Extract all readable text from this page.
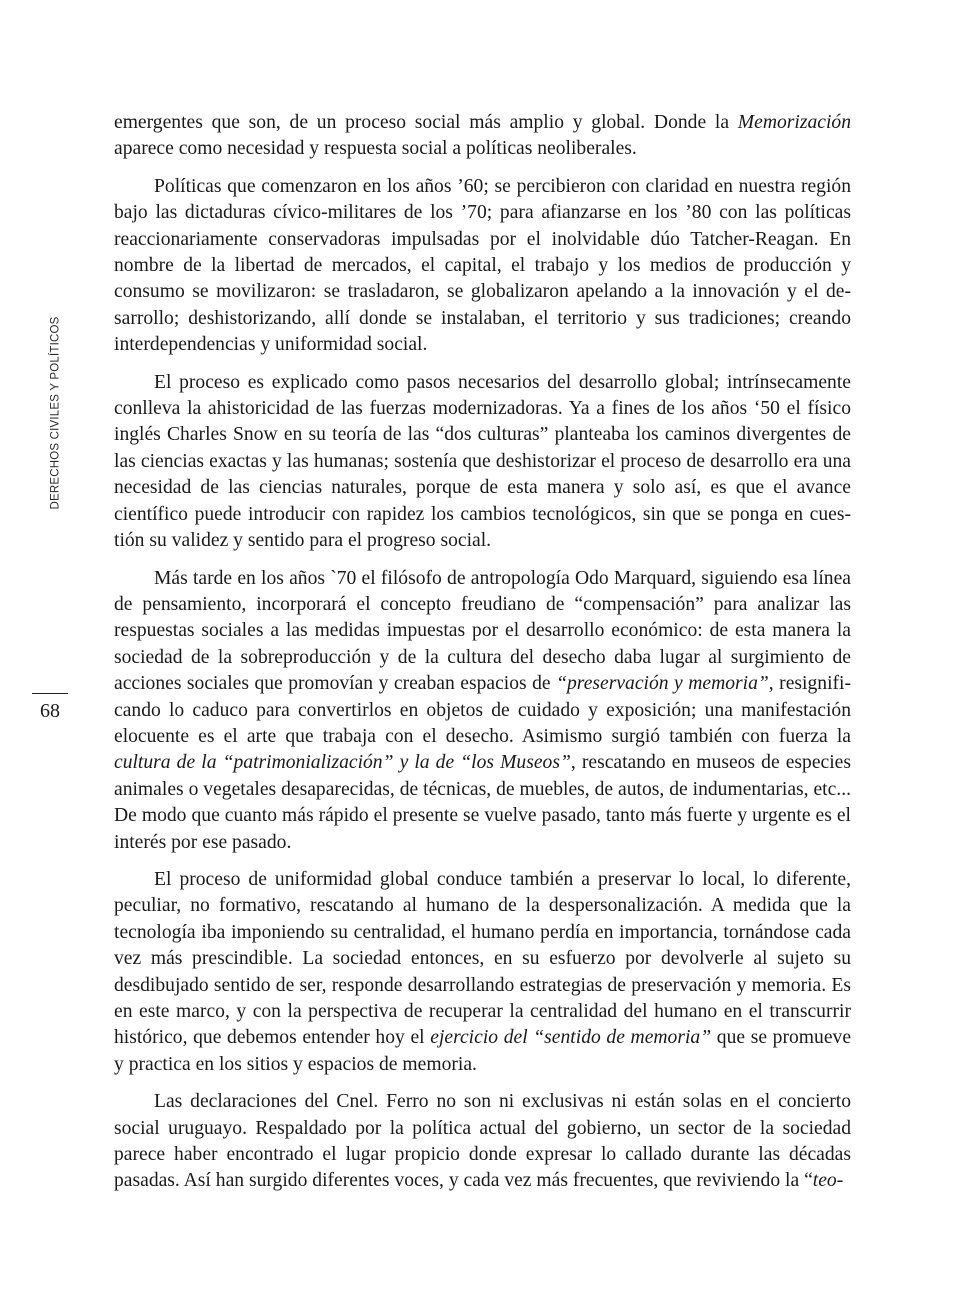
DERECHOS CIVILES Y POLÍTICOS
68

emergentes que son, de un proceso social más amplio y global. Donde la Memorización aparece como necesidad y respuesta social a políticas neoliberales.

Políticas que comenzaron en los años ’60; se percibieron con claridad en nuestra región bajo las dictaduras cívico-militares de los ’70; para afianzarse en los ’80 con las políticas reaccionariamente conservadoras impulsadas por el inolvidable dúo Tatcher-Reagan. En nombre de la libertad de mercados, el capital, el trabajo y los medios de producción y consumo se movilizaron: se trasladaron, se globalizaron apelando a la innovación y el desarrollo; deshistorizando, allí donde se instalaban, el territorio y sus tradiciones; creando interdependencias y uniformidad social.

El proceso es explicado como pasos necesarios del desarrollo global; intrínsecamente conlleva la ahistoricidad de las fuerzas modernizadoras. Ya a fines de los años ‘50 el físico inglés Charles Snow en su teoría de las “dos culturas” planteaba los caminos divergentes de las ciencias exactas y las humanas; sostenía que deshistorizar el proceso de desarrollo era una necesidad de las ciencias naturales, porque de esta manera y solo así, es que el avance científico puede introducir con rapidez los cambios tecnológicos, sin que se ponga en cuestión su validez y sentido para el progreso social.

Más tarde en los años `70 el filósofo de antropología Odo Marquard, siguiendo esa línea de pensamiento, incorporará el concepto freudiano de “compensación” para analizar las respuestas sociales a las medidas impuestas por el desarrollo económico: de esta manera la sociedad de la sobreproducción y de la cultura del desecho daba lugar al surgimiento de acciones sociales que promovían y creaban espacios de “preservación y memoria”, resignificando lo caduco para convertirlos en objetos de cuidado y exposición; una manifestación elocuente es el arte que trabaja con el desecho. Asimismo surgió también con fuerza la cultura de la “patrimonialización” y la de “los Museos”, rescatando en museos de especies animales o vegetales desaparecidas, de técnicas, de muebles, de autos, de indumentarias, etc... De modo que cuanto más rápido el presente se vuelve pasado, tanto más fuerte y urgente es el interés por ese pasado.

El proceso de uniformidad global conduce también a preservar lo local, lo diferente, peculiar, no formativo, rescatando al humano de la despersonalización. A medida que la tecnología iba imponiendo su centralidad, el humano perdía en importancia, tornándose cada vez más prescindible. La sociedad entonces, en su esfuerzo por devolverle al sujeto su desdibujado sentido de ser, responde desarrollando estrategias de preservación y memoria. Es en este marco, y con la perspectiva de recuperar la centralidad del humano en el transcurrir histórico, que debemos entender hoy el ejercicio del “sentido de memoria” que se promueve y practica en los sitios y espacios de memoria.

Las declaraciones del Cnel. Ferro no son ni exclusivas ni están solas en el concierto social uruguayo. Respaldado por la política actual del gobierno, un sector de la sociedad parece haber encontrado el lugar propicio donde expresar lo callado durante las décadas pasadas. Así han surgido diferentes voces, y cada vez más frecuentes, que reviviendo la “teo-
